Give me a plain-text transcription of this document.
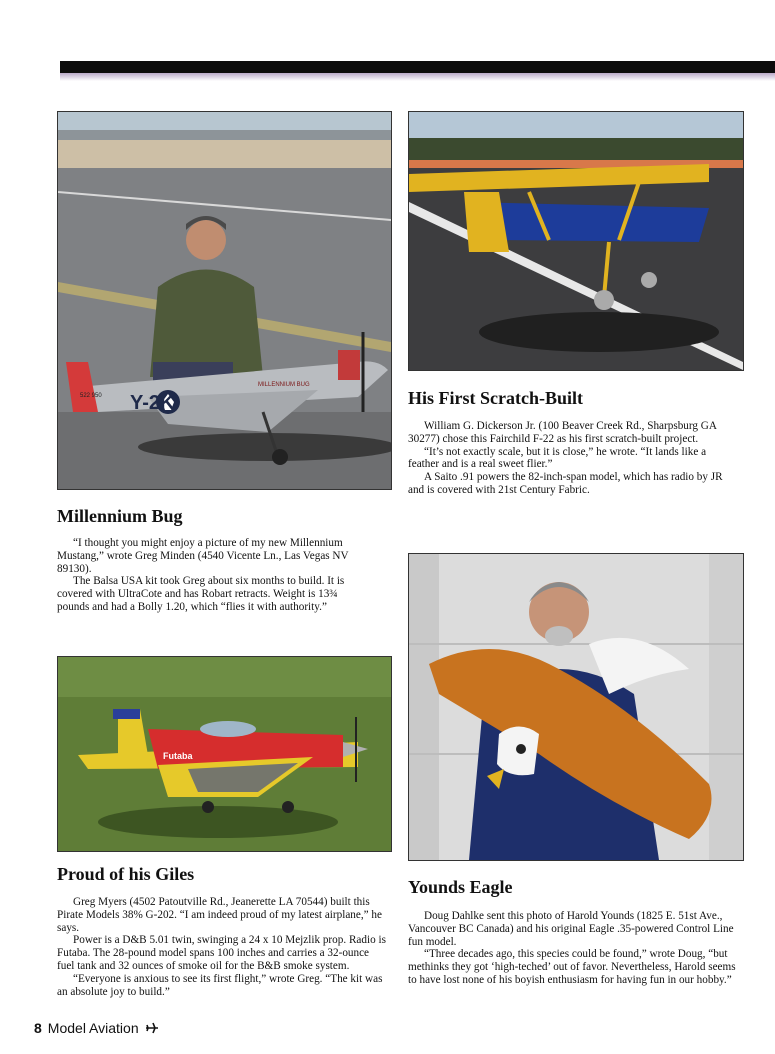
Y-2K
MILLENNIUM BUG
522 950
Millennium Bug

“I thought you might enjoy a picture of my new Millennium Mustang,” wrote Greg Minden (4540 Vicente Ln., Las Vegas NV 89130).

The Balsa USA kit took Greg about six months to build. It is covered with UltraCote and has Robart retracts. Weight is 13¾ pounds and had a Bolly 1.20, which “flies it with authority.”

His First Scratch-Built

William G. Dickerson Jr. (100 Beaver Creek Rd., Sharpsburg GA 30277) chose this Fairchild F-22 as his first scratch-built project.

“It’s not exactly scale, but it is close,” he wrote. “It lands like a feather and is a real sweet flier.”

A Saito .91 powers the 82-inch-span model, which has radio by JR and is covered with 21st Century Fabric.

Futaba
Proud of his Giles

Greg Myers (4502 Patoutville Rd., Jeanerette LA 70544) built this Pirate Models 38% G-202. “I am indeed proud of my latest airplane,” he says.

Power is a D&B 5.01 twin, swinging a 24 x 10 Mejzlik prop. Radio is Futaba. The 28-pound model spans 100 inches and carries a 32-ounce fuel tank and 32 ounces of smoke oil for the B&B smoke system.

“Everyone is anxious to see its first flight,” wrote Greg. “The kit was an absolute joy to build.”

Younds Eagle

Doug Dahlke sent this photo of Harold Younds (1825 E. 51st Ave., Vancouver BC Canada) and his original Eagle .35-powered Control Line fun model.

“Three decades ago, this species could be found,” wrote Doug, “but methinks they got ‘high-teched’ out of favor. Nevertheless, Harold seems to have lost none of his boyish enthusiasm for having fun in our hobby.”

8 Model Aviation
